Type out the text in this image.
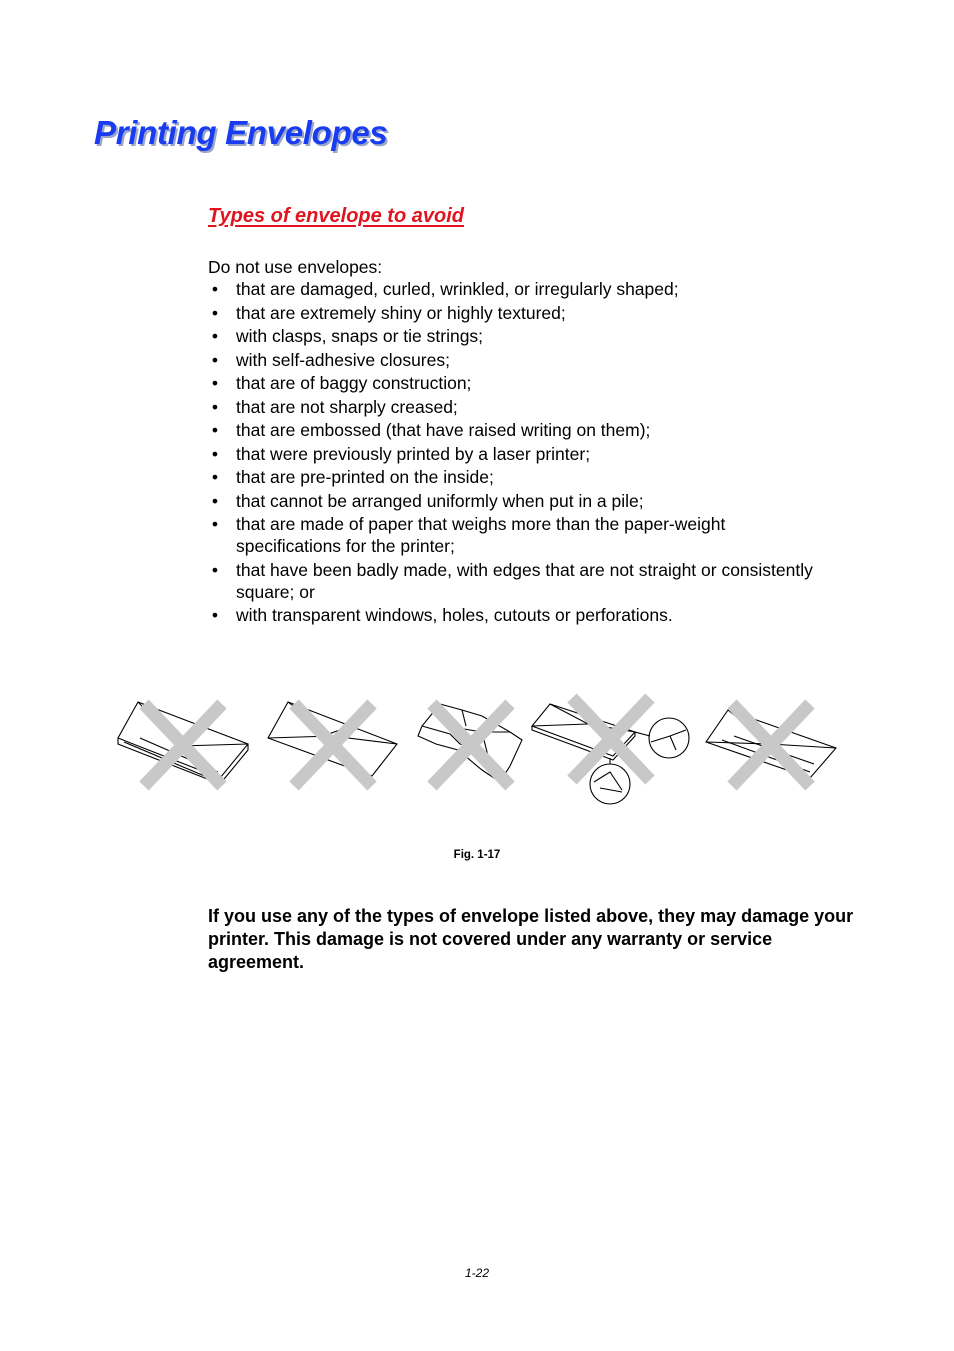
Printing Envelopes
Types of envelope to avoid

Do not use envelopes:

• that are damaged, curled, wrinkled, or irregularly shaped;
• that are extremely shiny or highly textured;
• with clasps, snaps or tie strings;
• with self-adhesive closures;
• that are of baggy construction;
• that are not sharply creased;
• that are embossed (that have raised writing on them);
• that were previously printed by a laser printer;
• that are pre-printed on the inside;
• that cannot be arranged uniformly when put in a pile;
• that are made of paper that weighs more than the paper-weight specifications for the printer;
• that have been badly made, with edges that are not straight or consistently square; or
• with transparent windows, holes, cutouts or perforations.
Fig. 1-17

If you use any of the types of envelope listed above, they may damage your printer. This damage is not covered under any warranty or service agreement.

1-22
